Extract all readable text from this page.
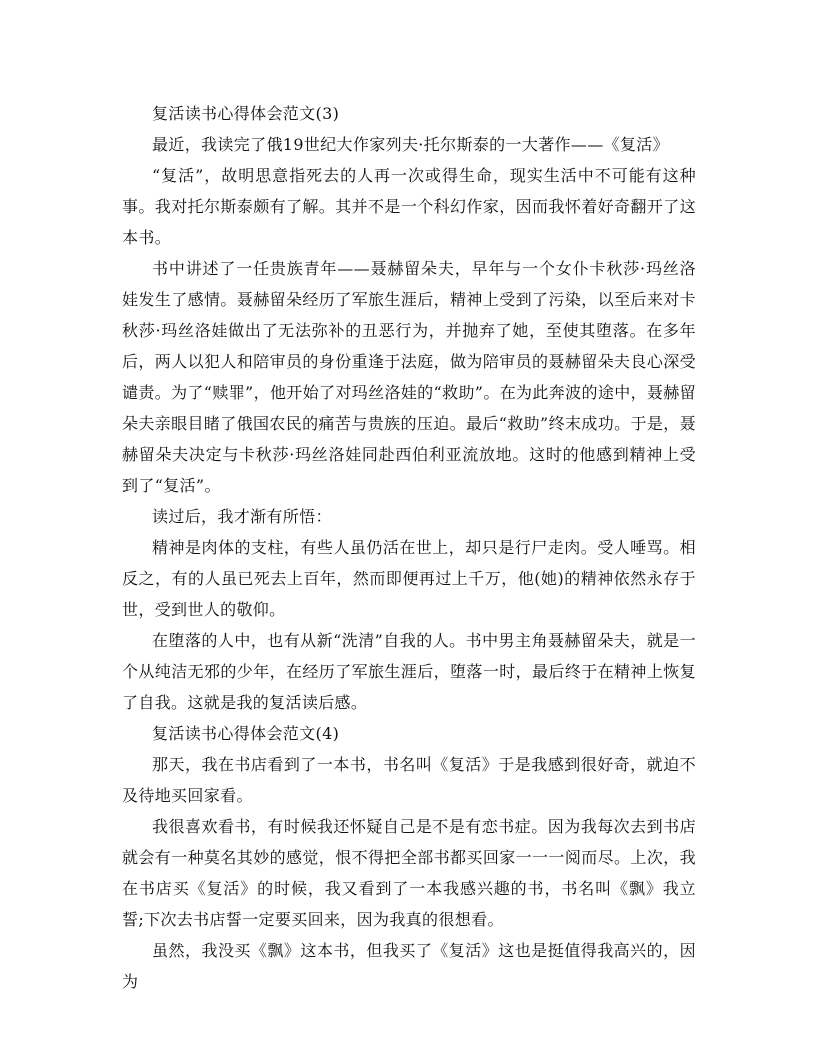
复活读书心得体会范文(3)

最近，我读完了俄19世纪大作家列夫·托尔斯泰的一大著作——《复活》

“复活”，故明思意指死去的人再一次或得生命，现实生活中不可能有这种事。我对托尔斯泰颇有了解。其并不是一个科幻作家，因而我怀着好奇翻开了这本书。

书中讲述了一任贵族青年——聂赫留朵夫，早年与一个女仆卡秋莎·玛丝洛娃发生了感情。聂赫留朵经历了军旅生涯后，精神上受到了污染，以至后来对卡秋莎·玛丝洛娃做出了无法弥补的丑恶行为，并抛弃了她，至使其堕落。在多年后，两人以犯人和陪审员的身份重逢于法庭，做为陪审员的聂赫留朵夫良心深受谴责。为了“赎罪”，他开始了对玛丝洛娃的“救助”。在为此奔波的途中，聂赫留朵夫亲眼目睹了俄国农民的痛苦与贵族的压迫。最后“救助”终末成功。于是，聂赫留朵夫决定与卡秋莎·玛丝洛娃同赴西伯利亚流放地。这时的他感到精神上受到了“复活”。

读过后，我才渐有所悟：

精神是肉体的支柱，有些人虽仍活在世上，却只是行尸走肉。受人唾骂。相反之，有的人虽已死去上百年，然而即便再过上千万，他(她)的精神依然永存于世，受到世人的敬仰。

在堕落的人中，也有从新“洗清”自我的人。书中男主角聂赫留朵夫，就是一个从纯洁无邪的少年，在经历了军旅生涯后，堕落一时，最后终于在精神上恢复了自我。这就是我的复活读后感。

复活读书心得体会范文(4)

那天，我在书店看到了一本书，书名叫《复活》于是我感到很好奇，就迫不及待地买回家看。

我很喜欢看书，有时候我还怀疑自己是不是有恋书症。因为我每次去到书店就会有一种莫名其妙的感觉，恨不得把全部书都买回家一一一阅而尽。上次，我在书店买《复活》的时候，我又看到了一本我感兴趣的书，书名叫《飘》我立誓;下次去书店誓一定要买回来，因为我真的很想看。

虽然，我没买《飘》这本书，但我买了《复活》这也是挺值得我高兴的，因为
